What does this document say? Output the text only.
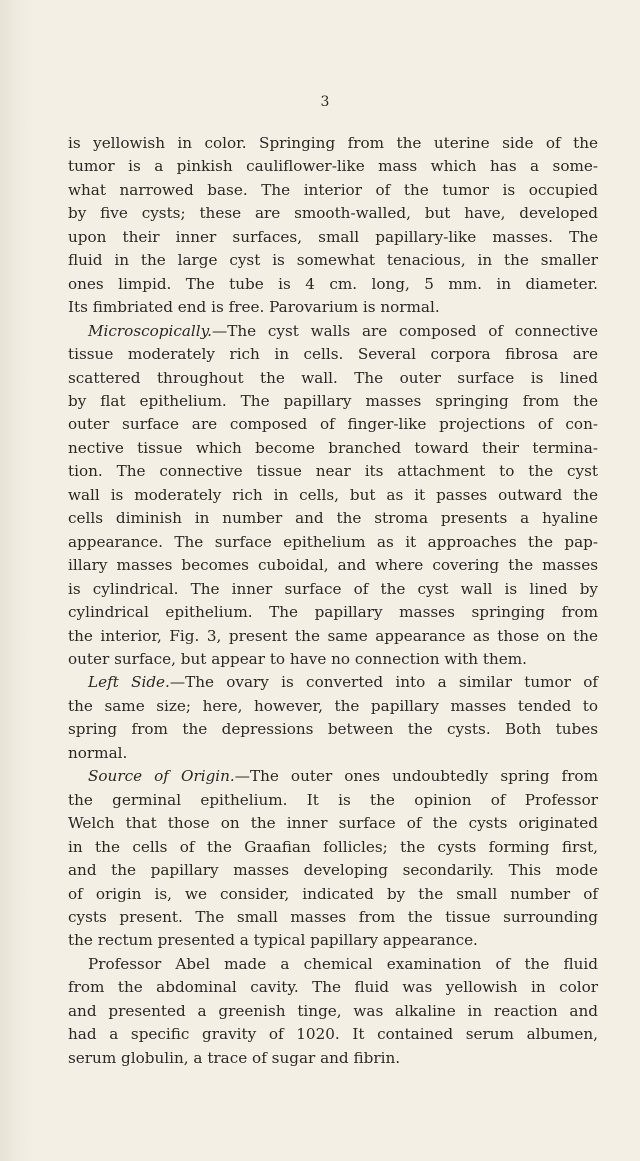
3

is yellowish in color. Springing from the uterine side of the
tumor is a pinkish cauliflower-like mass which has a some-
what narrowed base. The interior of the tumor is occupied
by five cysts; these are smooth-walled, but have, developed
upon their inner surfaces, small papillary-like masses. The
fluid in the large cyst is somewhat tenacious, in the smaller
ones limpid. The tube is 4 cm. long, 5 mm. in diameter.
Its fimbriated end is free. Parovarium is normal.

Microscopically.—The cyst walls are composed of connective
tissue moderately rich in cells. Several corpora fibrosa are
scattered throughout the wall. The outer surface is lined
by flat epithelium. The papillary masses springing from the
outer surface are composed of finger-like projections of con-
nective tissue which become branched toward their termina-
tion. The connective tissue near its attachment to the cyst
wall is moderately rich in cells, but as it passes outward the
cells diminish in number and the stroma presents a hyaline
appearance. The surface epithelium as it approaches the pap-
illary masses becomes cuboidal, and where covering the masses
is cylindrical. The inner surface of the cyst wall is lined by
cylindrical epithelium. The papillary masses springing from
the interior, Fig. 3, present the same appearance as those on the
outer surface, but appear to have no connection with them.

Left Side.—The ovary is converted into a similar tumor of
the same size; here, however, the papillary masses tended to
spring from the depressions between the cysts. Both tubes
normal.

Source of Origin.—The outer ones undoubtedly spring from
the germinal epithelium. It is the opinion of Professor
Welch that those on the inner surface of the cysts originated
in the cells of the Graafian follicles; the cysts forming first,
and the papillary masses developing secondarily. This mode
of origin is, we consider, indicated by the small number of
cysts present. The small masses from the tissue surrounding
the rectum presented a typical papillary appearance.

Professor Abel made a chemical examination of the fluid
from the abdominal cavity. The fluid was yellowish in color
and presented a greenish tinge, was alkaline in reaction and
had a specific gravity of 1020. It contained serum albumen,
serum globulin, a trace of sugar and fibrin.
